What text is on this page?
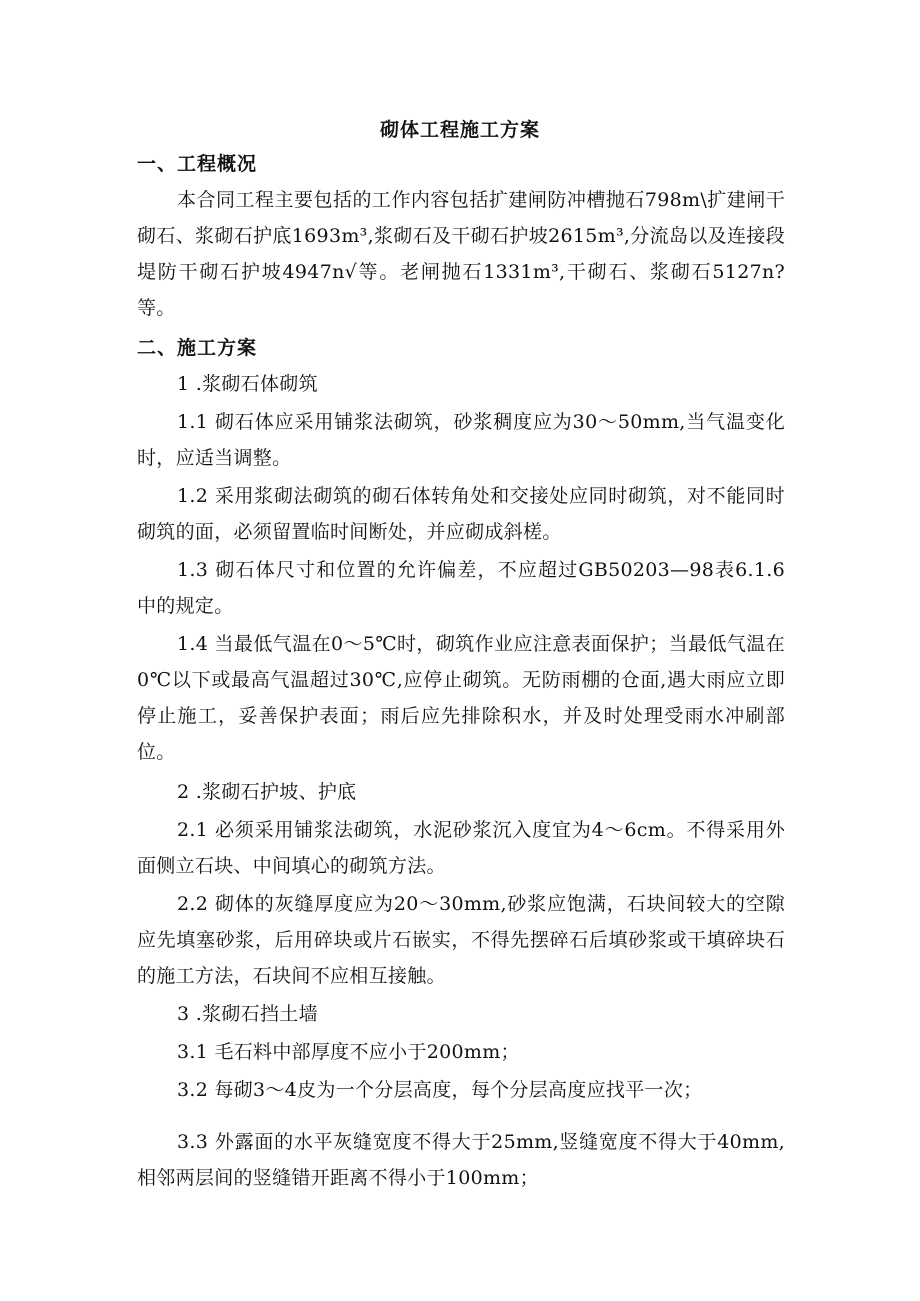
砌体工程施工方案
一、工程概况
本合同工程主要包括的工作内容包括扩建闸防冲槽抛石798m\扩建闸干砌石、浆砌石护底1693m³,浆砌石及干砌石护坡2615m³,分流岛以及连接段堤防干砌石护坡4947n√等。老闸抛石1331m³,干砌石、浆砌石5127n?等。
二、施工方案
1 .浆砌石体砌筑
1.1 砌石体应采用铺浆法砌筑，砂浆稠度应为30～50mm,当气温变化时，应适当调整。
1.2 采用浆砌法砌筑的砌石体转角处和交接处应同时砌筑，对不能同时砌筑的面，必须留置临时间断处，并应砌成斜槎。
1.3 砌石体尺寸和位置的允许偏差，不应超过GB50203—98表6.1.6中的规定。
1.4 当最低气温在0～5℃时，砌筑作业应注意表面保护；当最低气温在0℃以下或最高气温超过30℃,应停止砌筑。无防雨棚的仓面,遇大雨应立即停止施工，妥善保护表面；雨后应先排除积水，并及时处理受雨水冲刷部位。
2 .浆砌石护坡、护底
2.1 必须采用铺浆法砌筑，水泥砂浆沉入度宜为4～6cm。不得采用外面侧立石块、中间填心的砌筑方法。
2.2 砌体的灰缝厚度应为20～30mm,砂浆应饱满，石块间较大的空隙应先填塞砂浆，后用碎块或片石嵌实，不得先摆碎石后填砂浆或干填碎块石的施工方法，石块间不应相互接触。
3 .浆砌石挡土墙
3.1 毛石料中部厚度不应小于200mm；
3.2 每砌3～4皮为一个分层高度，每个分层高度应找平一次；
3.3 外露面的水平灰缝宽度不得大于25mm,竖缝宽度不得大于40mm,相邻两层间的竖缝错开距离不得小于100mm；
